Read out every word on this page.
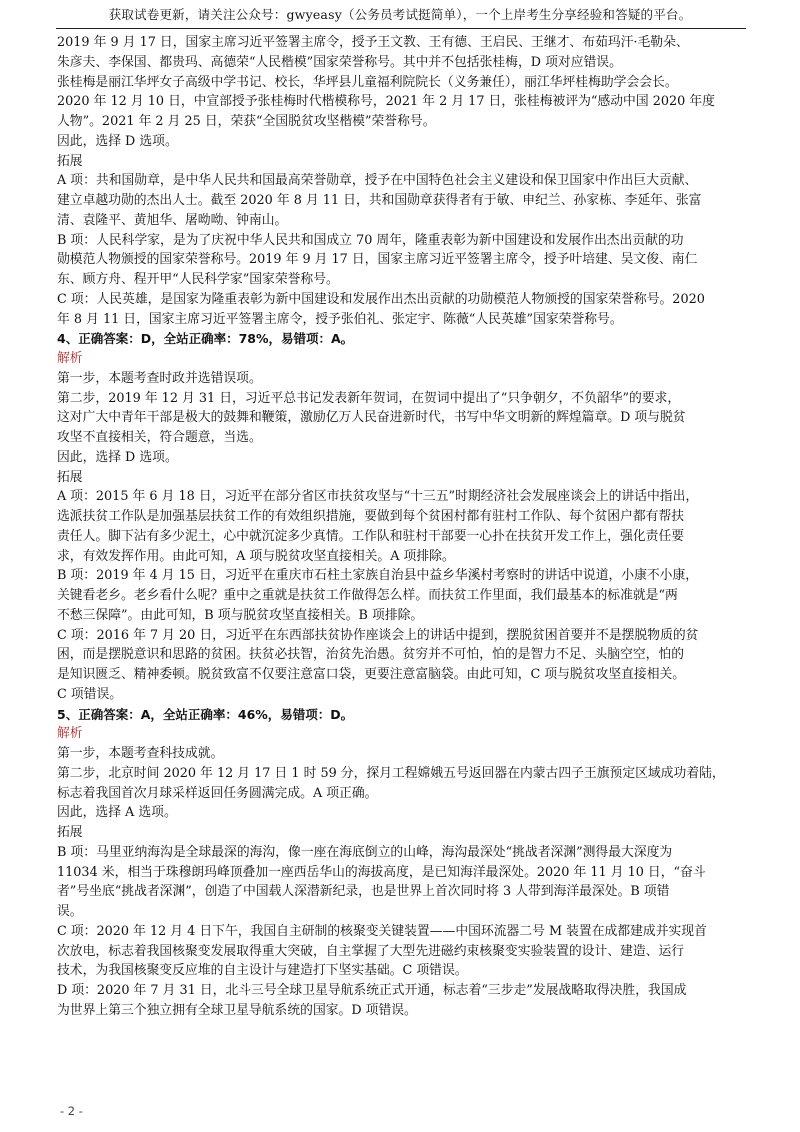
获取试卷更新，请关注公众号：gwyeasy（公务员考试挺简单），一个上岸考生分享经验和答疑的平台。

2019 年 9 月 17 日，国家主席习近平签署主席令，授予王文教、王有德、王启民、王继才、布茹玛汗·毛勒朵、

朱彦夫、李保国、都贵玛、高德荣“人民楷模”国家荣誉称号。其中并不包括张桂梅，D 项对应错误。

张桂梅是丽江华坪女子高级中学书记、校长，华坪县儿童福利院院长（义务兼任），丽江华坪桂梅助学会会长。

2020 年 12 月 10 日，中宣部授予张桂梅时代楷模称号，2021 年 2 月 17 日，张桂梅被评为“感动中国 2020 年度

人物”。2021 年 2 月 25 日，荣获“全国脱贫攻坚楷模”荣誉称号。

因此，选择 D 选项。

拓展

A 项：共和国勋章，是中华人民共和国最高荣誉勋章，授予在中国特色社会主义建设和保卫国家中作出巨大贡献、

建立卓越功勋的杰出人士。截至 2020 年 8 月 11 日，共和国勋章获得者有于敏、申纪兰、孙家栋、李延年、张富

清、袁隆平、黄旭华、屠呦呦、钟南山。

B 项：人民科学家，是为了庆祝中华人民共和国成立 70 周年，隆重表彰为新中国建设和发展作出杰出贡献的功

勋模范人物颁授的国家荣誉称号。2019 年 9 月 17 日，国家主席习近平签署主席令，授予叶培建、吴文俊、南仁

东、顾方舟、程开甲“人民科学家”国家荣誉称号。

C 项：人民英雄，是国家为隆重表彰为新中国建设和发展作出杰出贡献的功勋模范人物颁授的国家荣誉称号。2020

年 8 月 11 日，国家主席习近平签署主席令，授予张伯礼、张定宇、陈薇“人民英雄”国家荣誉称号。

4、正确答案：D，全站正确率：78%，易错项：A。

解析

第一步，本题考查时政并选错误项。

第二步，2019 年 12 月 31 日，习近平总书记发表新年贺词，在贺词中提出了“只争朝夕，不负韶华”的要求，

这对广大中青年干部是极大的鼓舞和鞭策，激励亿万人民奋进新时代，书写中华文明新的辉煌篇章。D 项与脱贫

攻坚不直接相关，符合题意，当选。

因此，选择 D 选项。

拓展

A 项：2015 年 6 月 18 日，习近平在部分省区市扶贫攻坚与“十三五”时期经济社会发展座谈会上的讲话中指出，

选派扶贫工作队是加强基层扶贫工作的有效组织措施，要做到每个贫困村都有驻村工作队、每个贫困户都有帮扶

责任人。脚下沾有多少泥土，心中就沉淀多少真情。工作队和驻村干部要一心扑在扶贫开发工作上，强化责任要

求，有效发挥作用。由此可知，A 项与脱贫攻坚直接相关。A 项排除。

B 项：2019 年 4 月 15 日，习近平在重庆市石柱土家族自治县中益乡华溪村考察时的讲话中说道，小康不小康，

关键看老乡。老乡看什么呢？重中之重就是扶贫工作做得怎么样。而扶贫工作里面，我们最基本的标准就是“两

不愁三保障”。由此可知，B 项与脱贫攻坚直接相关。B 项排除。

C 项：2016 年 7 月 20 日，习近平在东西部扶贫协作座谈会上的讲话中提到，摆脱贫困首要并不是摆脱物质的贫

困，而是摆脱意识和思路的贫困。扶贫必扶智，治贫先治愚。贫穷并不可怕，怕的是智力不足、头脑空空，怕的

是知识匮乏、精神委顿。脱贫致富不仅要注意富口袋，更要注意富脑袋。由此可知，C 项与脱贫攻坚直接相关。

C 项错误。

5、正确答案：A，全站正确率：46%，易错项：D。

解析

第一步，本题考查科技成就。

第二步，北京时间 2020 年 12 月 17 日 1 时 59 分，探月工程嫦娥五号返回器在内蒙古四子王旗预定区域成功着陆，

标志着我国首次月球采样返回任务圆满完成。A 项正确。

因此，选择 A 选项。

拓展

B 项：马里亚纳海沟是全球最深的海沟，像一座在海底倒立的山峰，海沟最深处“挑战者深渊”测得最大深度为

11034 米，相当于珠穆朗玛峰顶叠加一座西岳华山的海拔高度，是已知海洋最深处。2020 年 11 月 10 日，“奋斗

者”号坐底“挑战者深渊”，创造了中国载人深潜新纪录，也是世界上首次同时将 3 人带到海洋最深处。B 项错

误。

C 项：2020 年 12 月 4 日下午，我国自主研制的核聚变关键装置——中国环流器二号 M 装置在成都建成并实现首

次放电，标志着我国核聚变发展取得重大突破，自主掌握了大型先进磁约束核聚变实验装置的设计、建造、运行

技术，为我国核聚变反应堆的自主设计与建造打下坚实基础。C 项错误。

D 项：2020 年 7 月 31 日，北斗三号全球卫星导航系统正式开通，标志着“三步走”发展战略取得决胜，我国成

为世界上第三个独立拥有全球卫星导航系统的国家。D 项错误。

- 2 -
